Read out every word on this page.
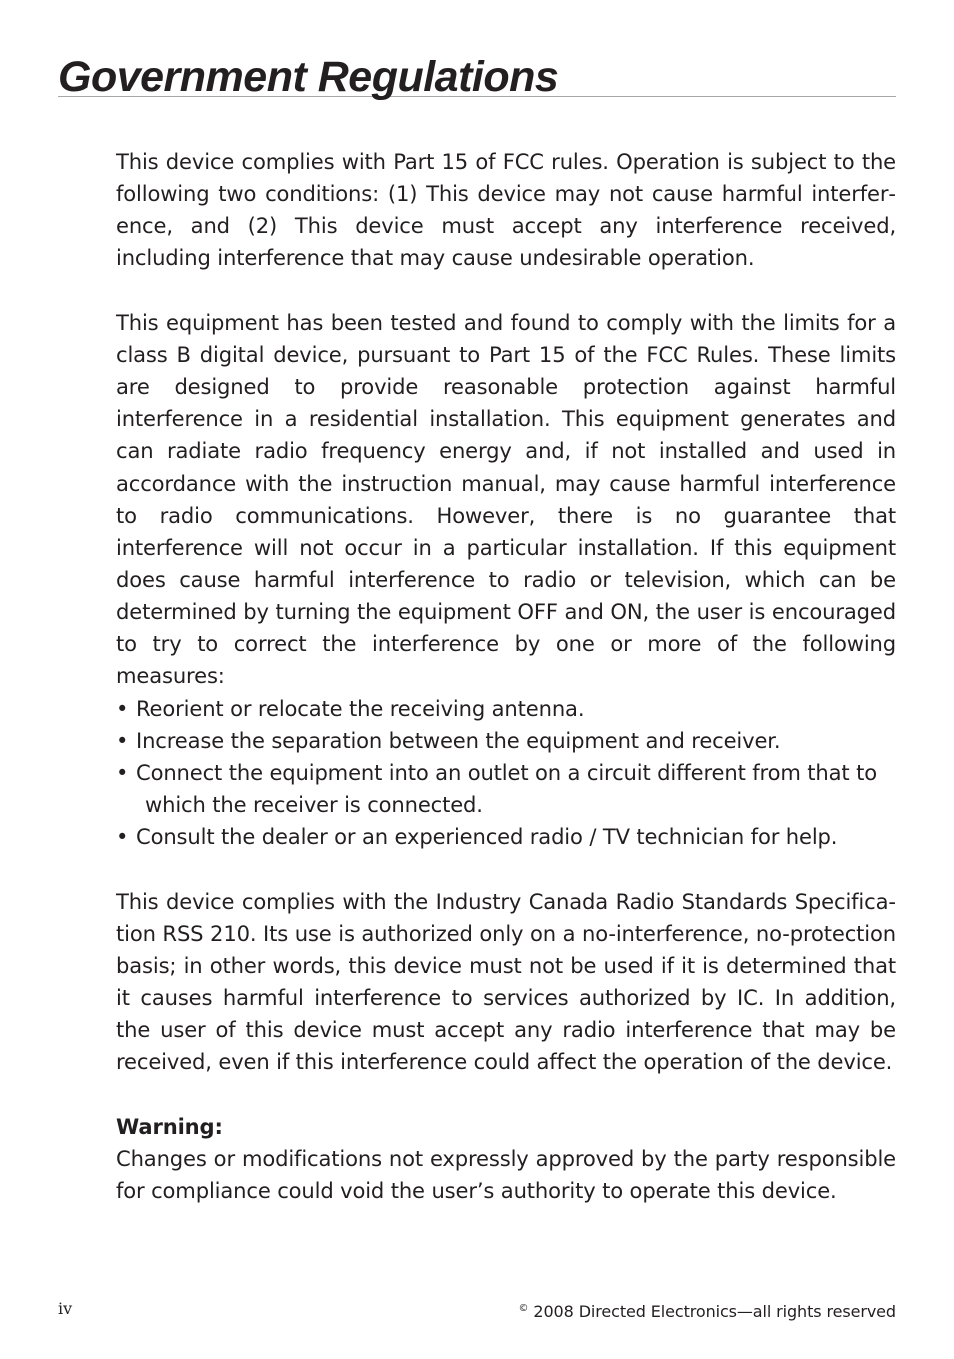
Government Regulations

This device complies with Part 15 of FCC rules. Operation is subject to the following two conditions: (1) This device may not cause harmful interference, and (2) This device must accept any interference received, including interference that may cause undesirable operation.

This equipment has been tested and found to comply with the limits for a class B digital device, pursuant to Part 15 of the FCC Rules. These limits are designed to provide reasonable protection against harmful interference in a residential installation. This equipment generates and can radiate radio frequency energy and, if not installed and used in accordance with the instruction manual, may cause harmful interference to radio communications. However, there is no guarantee that interference will not occur in a particular installation. If this equipment does cause harmful interference to radio or television, which can be determined by turning the equipment OFF and ON, the user is encouraged to try to correct the interference by one or more of the following measures:

• Reorient or relocate the receiving antenna.
• Increase the separation between the equipment and receiver.
• Connect the equipment into an outlet on a circuit different from that to
which the receiver is connected.
• Consult the dealer or an experienced radio / TV technician for help.

This device complies with the Industry Canada Radio Standards Specification RSS 210. Its use is authorized only on a no-interference, no-protection basis; in other words, this device must not be used if it is determined that it causes harmful interference to services authorized by IC. In addition, the user of this device must accept any radio interference that may be received, even if this interference could affect the operation of the device.

Warning:

Changes or modifications not expressly approved by the party responsible for compliance could void the user’s authority to operate this device.

iv	© 2008 Directed Electronics—all rights reserved
